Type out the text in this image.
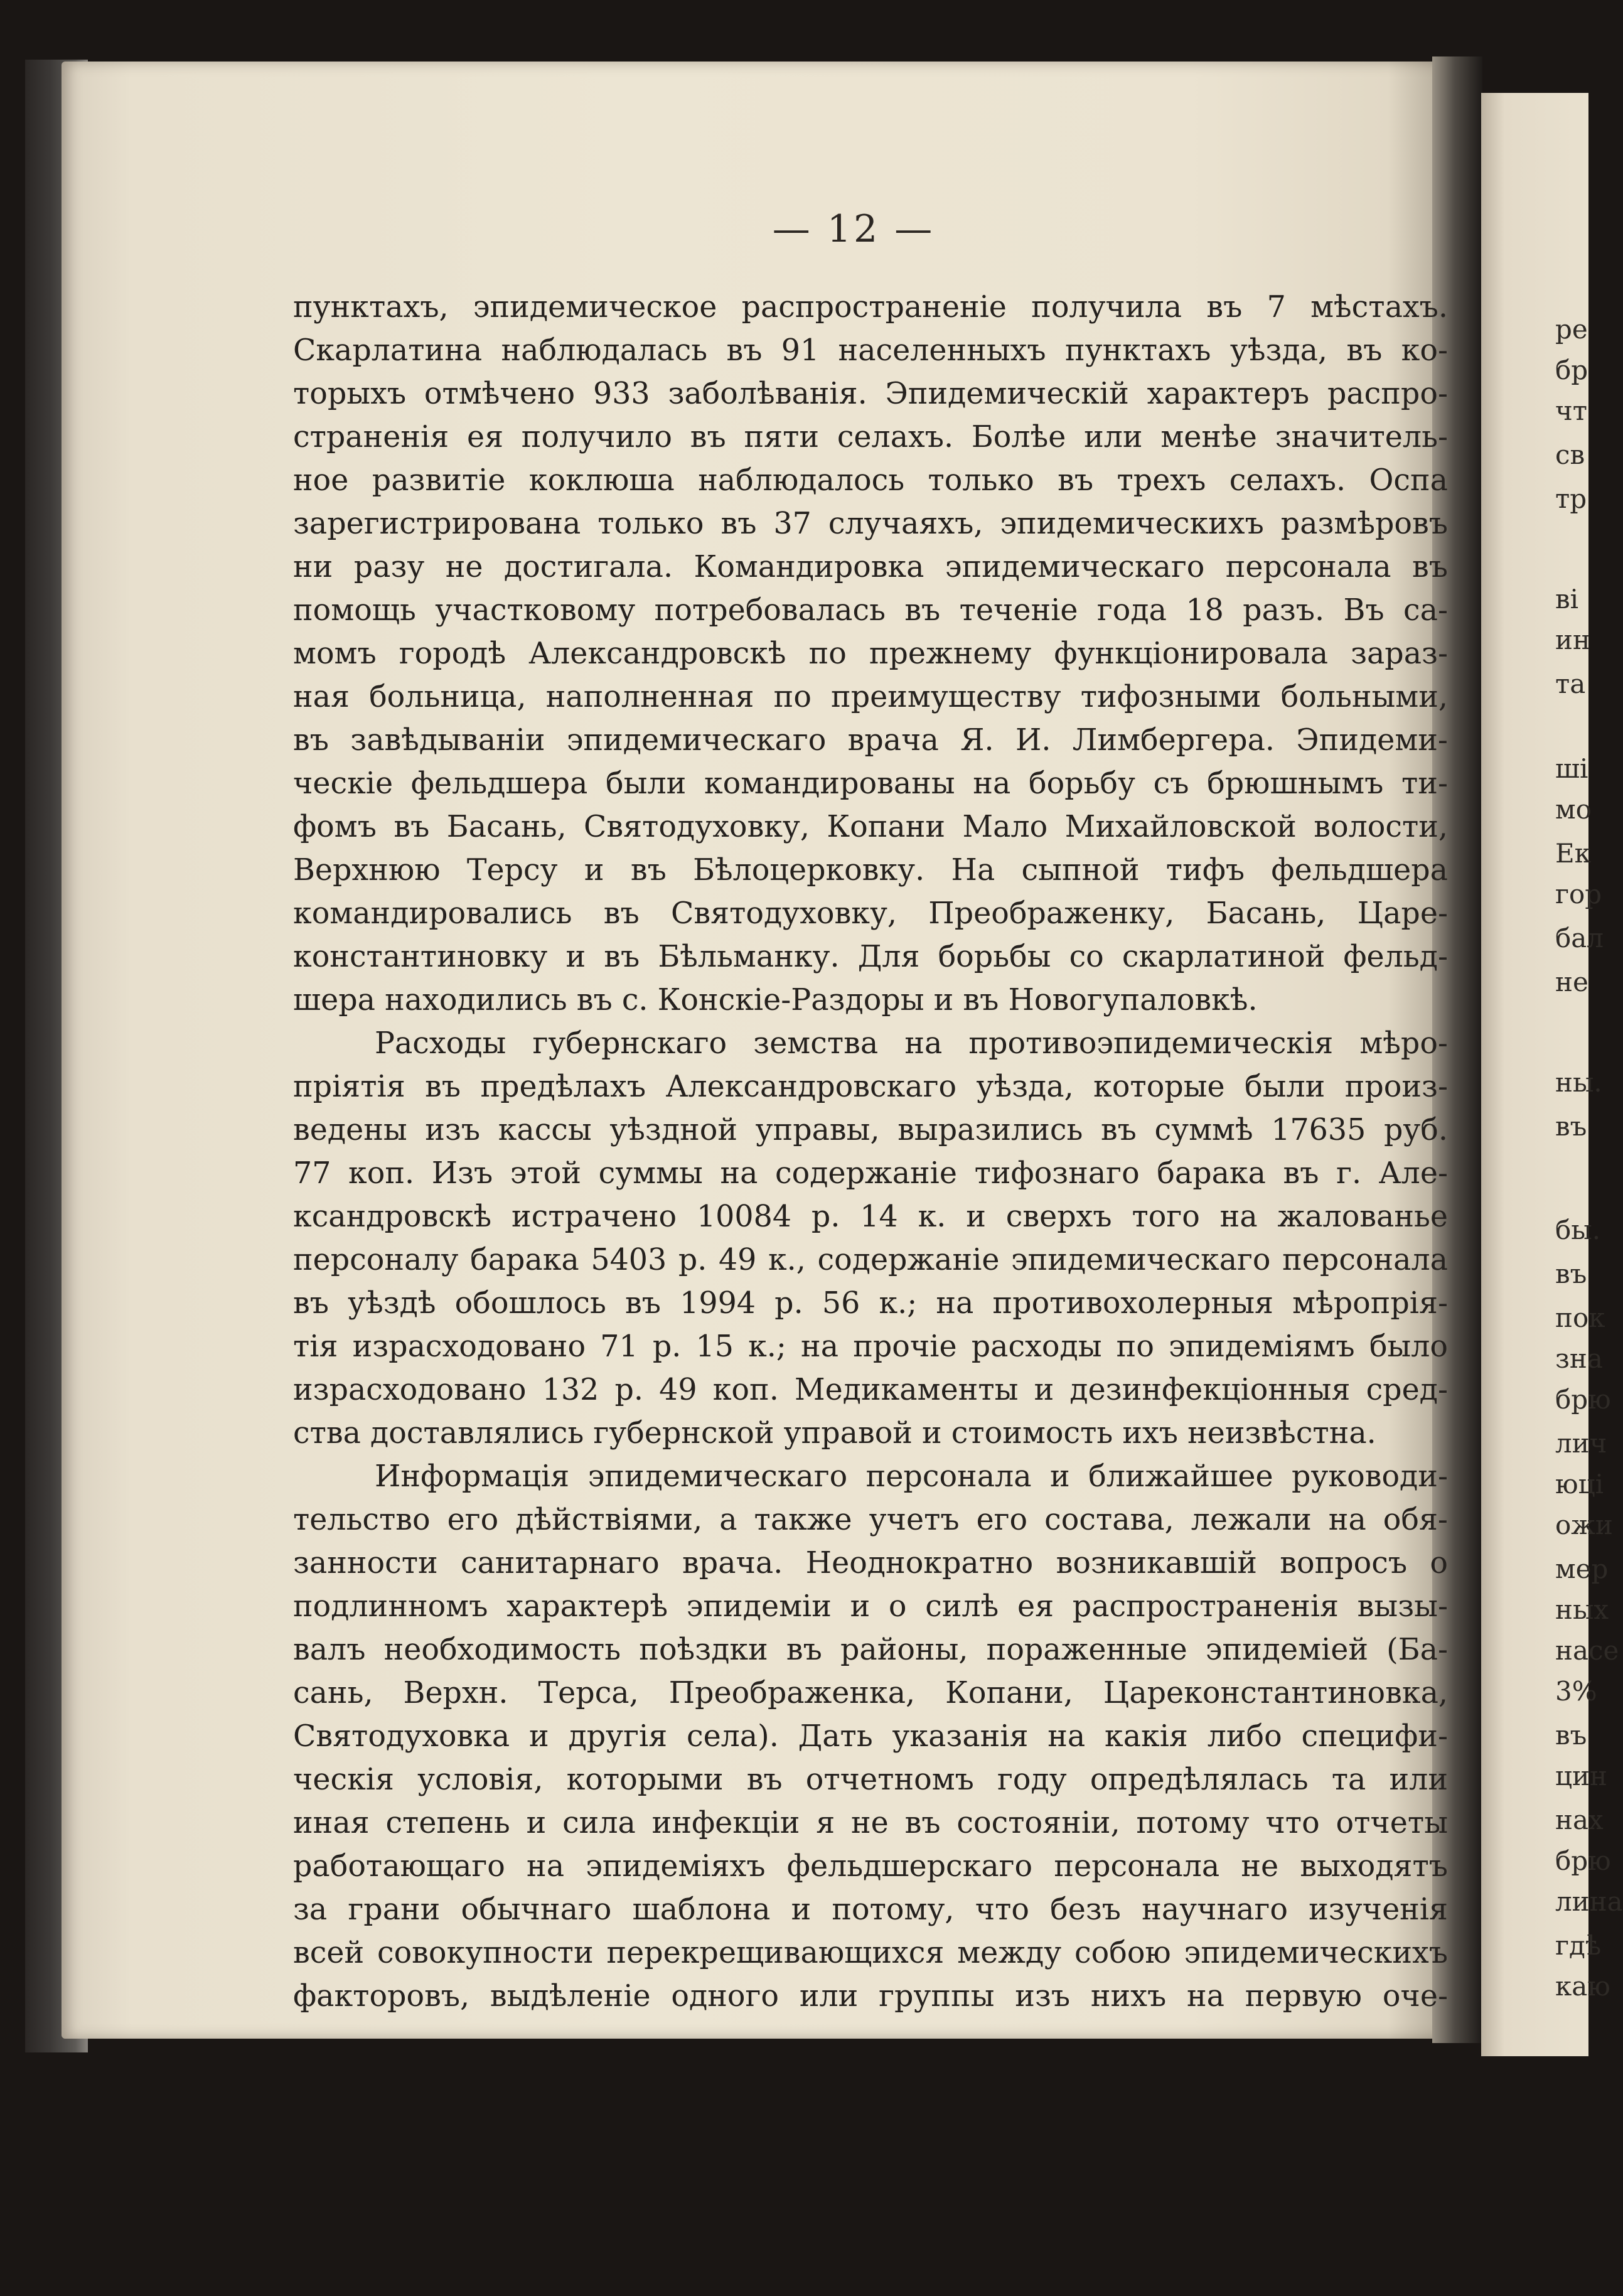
— 12 —
пунктахъ, эпидемическое распространеніе получила въ 7 мѣстахъ.
Скарлатина наблюдалась въ 91 населенныхъ пунктахъ уѣзда, въ ко-
торыхъ отмѣчено 933 заболѣванія. Эпидемическій характеръ распро-
страненія ея получило въ пяти селахъ. Болѣе или менѣе значитель-
ное развитіе коклюша наблюдалось только въ трехъ селахъ. Оспа
зарегистрирована только въ 37 случаяхъ, эпидемическихъ размѣровъ
ни разу не достигала. Командировка эпидемическаго персонала въ
помощь участковому потребовалась въ теченіе года 18 разъ. Въ са-
момъ городѣ Александровскѣ по прежнему функціонировала зараз-
ная больница, наполненная по преимуществу тифозными больными,
въ завѣдываніи эпидемическаго врача Я. И. Лимбергера. Эпидеми-
ческіе фельдшера были командированы на борьбу съ брюшнымъ ти-
фомъ въ Басань, Святодуховку, Копани Мало Михайловской волости,
Верхнюю Терсу и въ Бѣлоцерковку. На сыпной тифъ фельдшера
командировались въ Святодуховку, Преображенку, Басань, Царе-
константиновку и въ Бѣльманку. Для борьбы со скарлатиной фельд-
шера находились въ с. Конскіе-Раздоры и въ Новогупаловкѣ.
Расходы губернскаго земства на противоэпидемическія мѣро-
пріятія въ предѣлахъ Александровскаго уѣзда, которые были произ-
ведены изъ кассы уѣздной управы, выразились въ суммѣ 17635 руб.
77 коп. Изъ этой суммы на содержаніе тифознаго барака въ г. Але-
ксандровскѣ истрачено 10084 р. 14 к. и сверхъ того на жалованье
персоналу барака 5403 р. 49 к., содержаніе эпидемическаго персонала
въ уѣздѣ обошлось въ 1994 р. 56 к.; на противохолерныя мѣропрія-
тія израсходовано 71 р. 15 к.; на прочіе расходы по эпидеміямъ было
израсходовано 132 р. 49 коп. Медикаменты и дезинфекціонныя сред-
ства доставлялись губернской управой и стоимость ихъ неизвѣстна.
Информація эпидемическаго персонала и ближайшее руководи-
тельство его дѣйствіями, а также учетъ его состава, лежали на обя-
занности санитарнаго врача. Неоднократно возникавшій вопросъ о
подлинномъ характерѣ эпидеміи и о силѣ ея распространенія вызы-
валъ необходимость поѣздки въ районы, пораженные эпидеміей (Ба-
сань, Верхн. Терса, Преображенка, Копани, Цареконстантиновка,
Святодуховка и другія села). Дать указанія на какія либо специфи-
ческія условія, которыми въ отчетномъ году опредѣлялась та или
иная степень и сила инфекціи я не въ состояніи, потому что отчеты
работающаго на эпидеміяхъ фельдшерскаго персонала не выходятъ
за грани обычнаго шаблона и потому, что безъ научнаго изученія
всей совокупности перекрещивающихся между собою эпидемическихъ
факторовъ, выдѣленіе одного или группы изъ нихъ на первую оче-
ре
бр
чт
св
тр
ві
ин
та
ші
мо
Ек
гор
бал
не
ны.
въ
бы.
въ
пок
зна
брю
лич
юці
ожи
мер
ных
насе
3%
въ
цин
нах
брю
лина
гдѣ
каю
